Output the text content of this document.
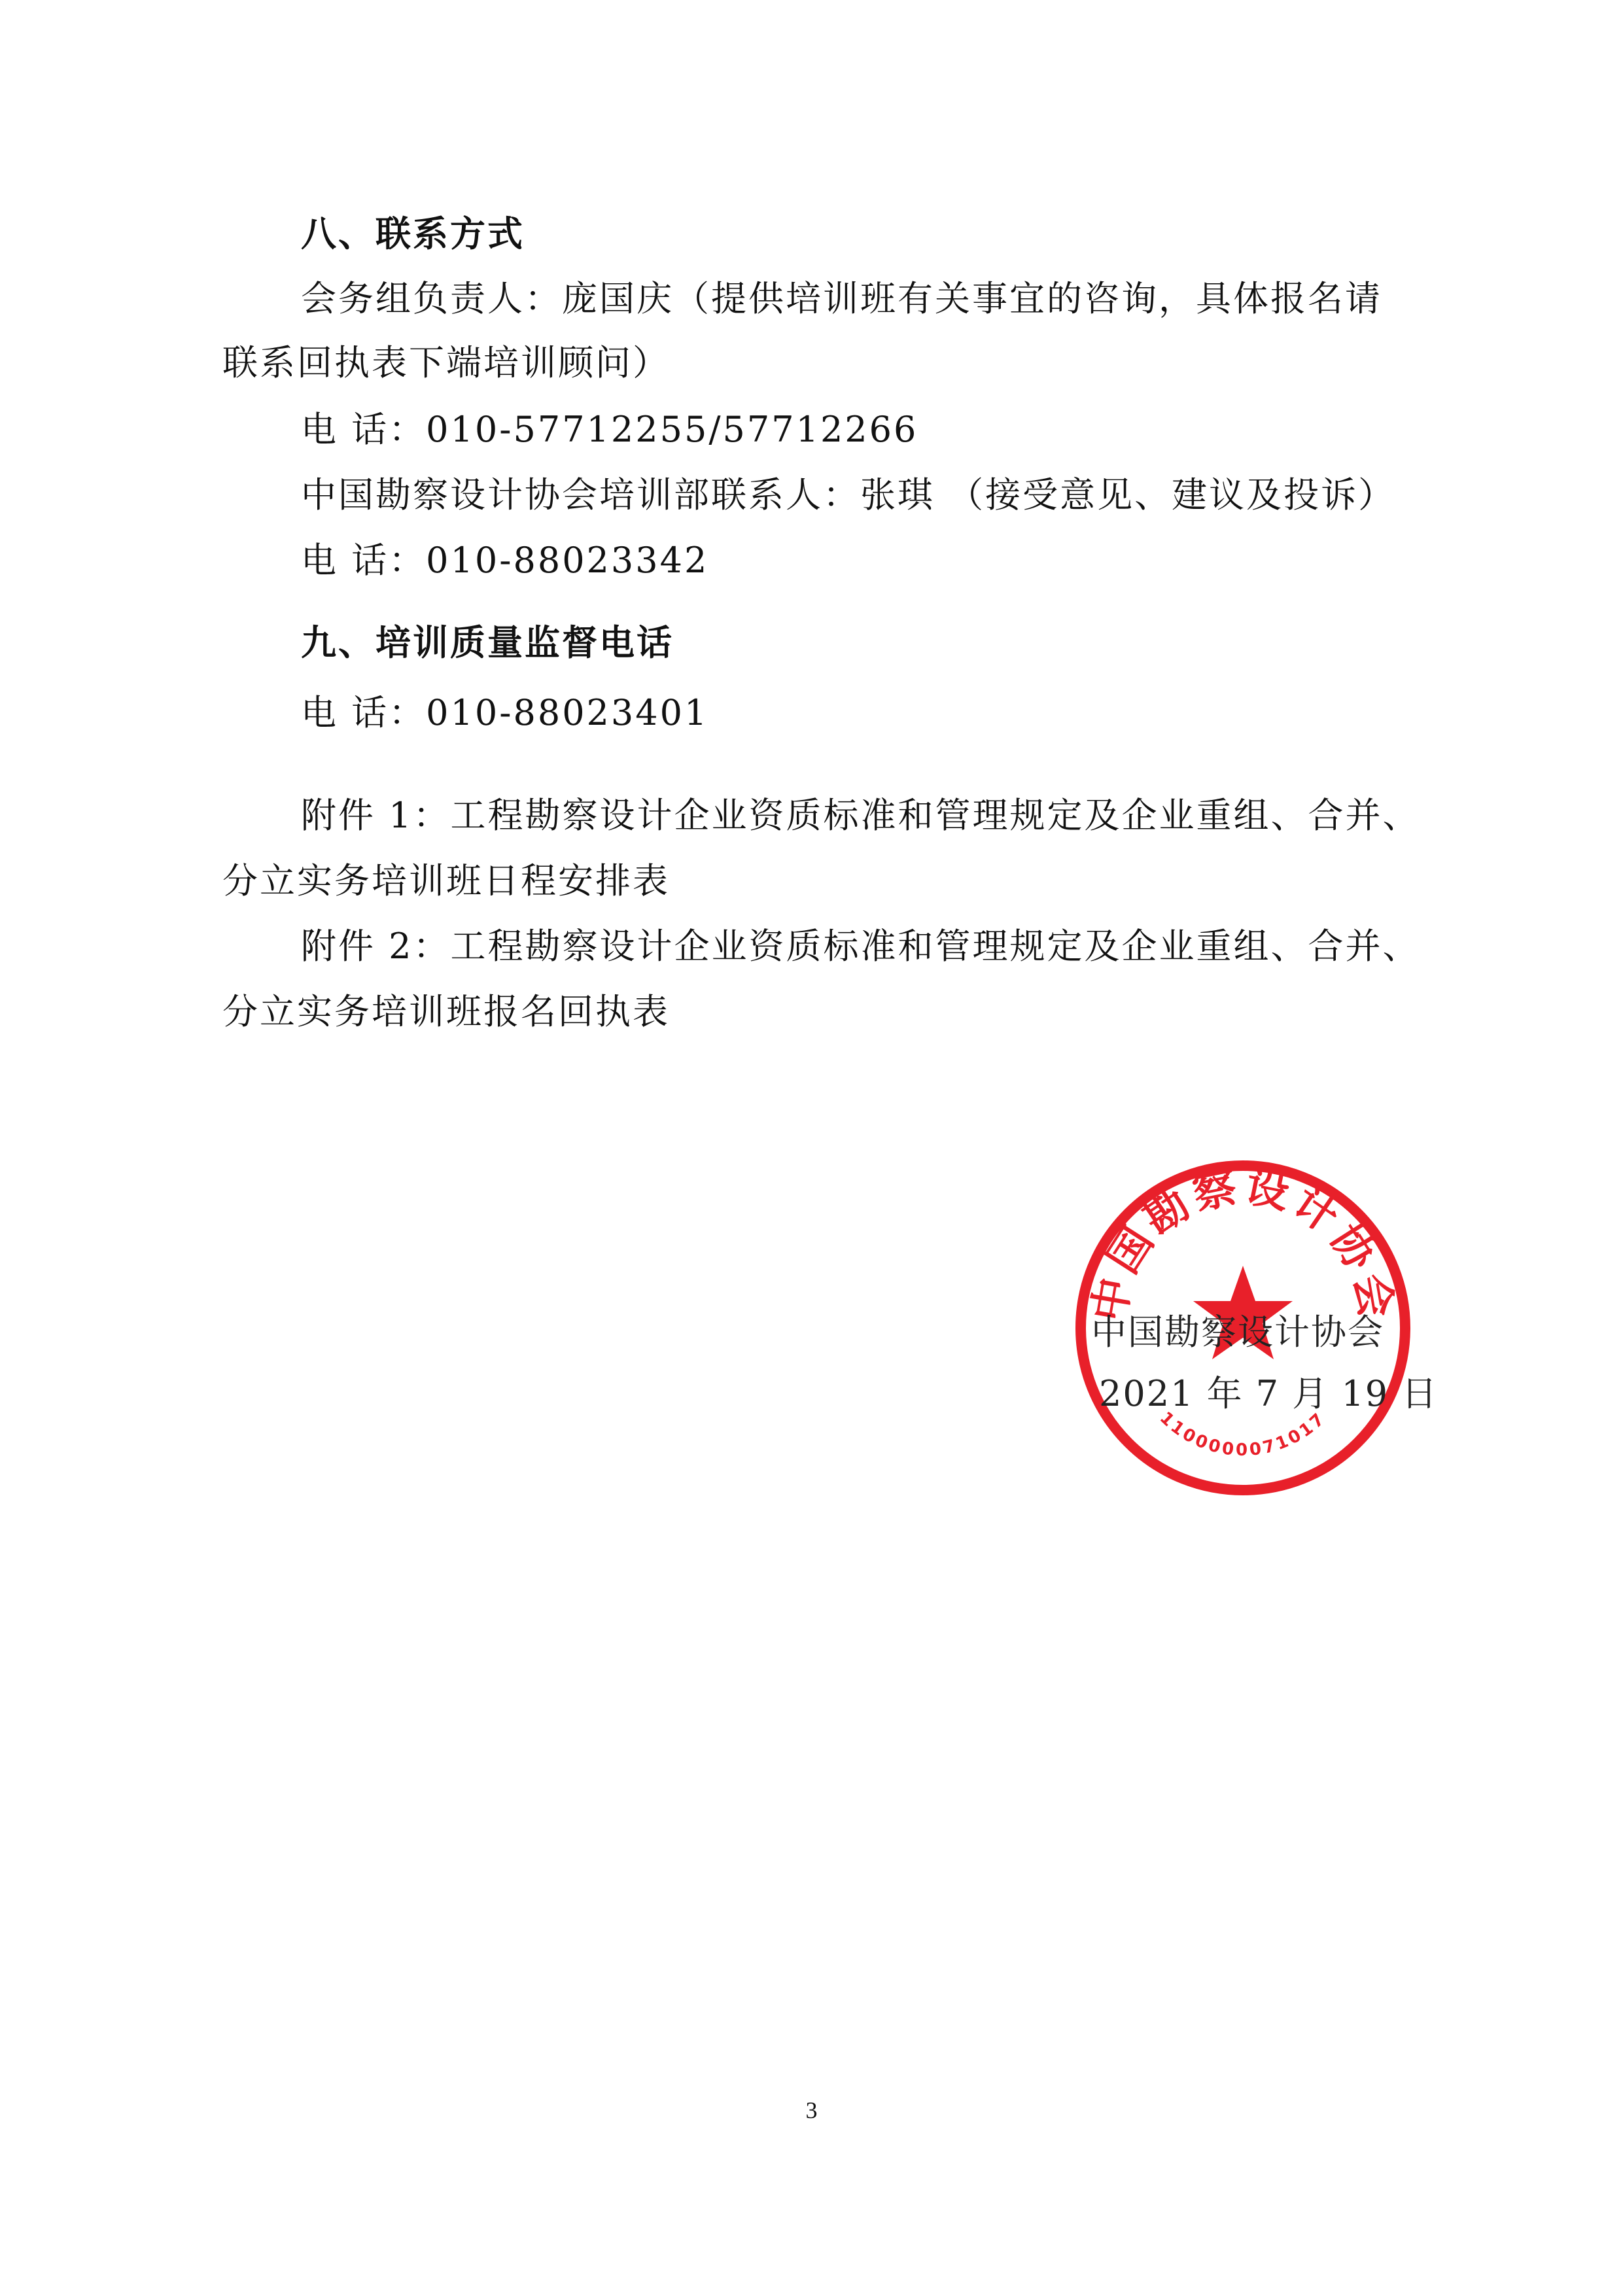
八、联系方式
会务组负责人：庞国庆（提供培训班有关事宜的咨询，具体报名请
联系回执表下端培训顾问）
电 话：010-57712255/57712266
中国勘察设计协会培训部联系人：张琪 （接受意见、建议及投诉）
电 话：010-88023342
九、培训质量监督电话
电 话：010-88023401
附件 1：工程勘察设计企业资质标准和管理规定及企业重组、合并、
分立实务培训班日程安排表
附件 2：工程勘察设计企业资质标准和管理规定及企业重组、合并、
分立实务培训班报名回执表
中国勘察设计协会
1100000071017
中国勘察设计协会
2021 年 7 月 19 日
3
